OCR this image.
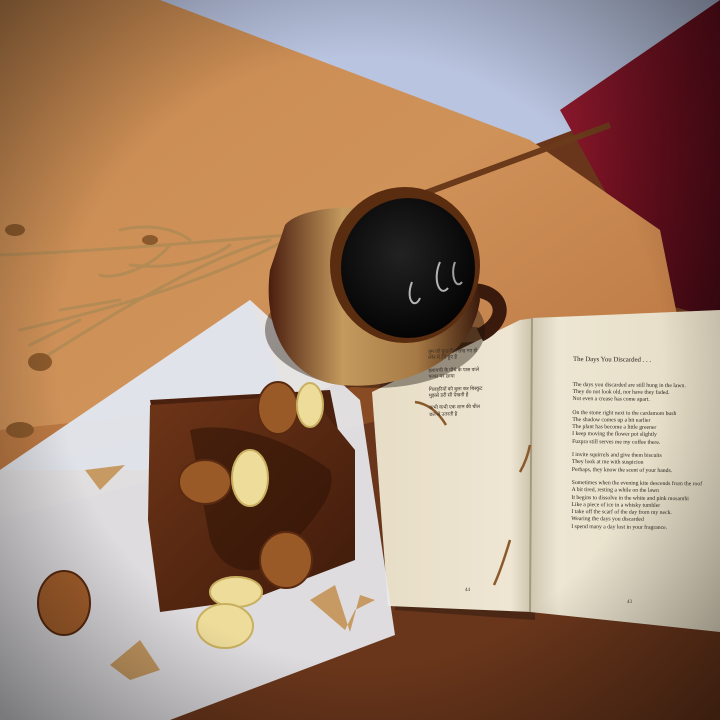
The Days You Discarded . . .
The days you discarded are still hung in the lawn.
They do not look old, nor have they faded.
Not even a crease has come apart.
On the stone right next to the cardamom bush
The shadow comes up a bit earlier
The plant has become a little greener
I keep moving the flower pot slightly
Fuzpra still serves me my coffee there.
I invite squirrels and give them biscuits
They look at me with suspicion
Perhaps, they know the scent of your hands.
Sometimes when the evening kite descends from the roof
A bit tired, resting a while on the lawn
It begins to dissolve in the white and pink mosambi
Like a piece of ice in a whisky tumbler
I take off the scarf of the day from my neck.
Wearing the days you discarded
I spend many a day lost in your fragrance.
43
तुम जो कुछ दिन छोड़ गए हो
लॉन में टँगे हुए हैं
इलायची के पौधे के पास वाले
पत्थर पर छाया
गिलहरियों को बुला कर बिस्कुट
मुझसे डरी सी देखती हैं
कभी कभी एक शाम की चील
छत से उतरती है
44
